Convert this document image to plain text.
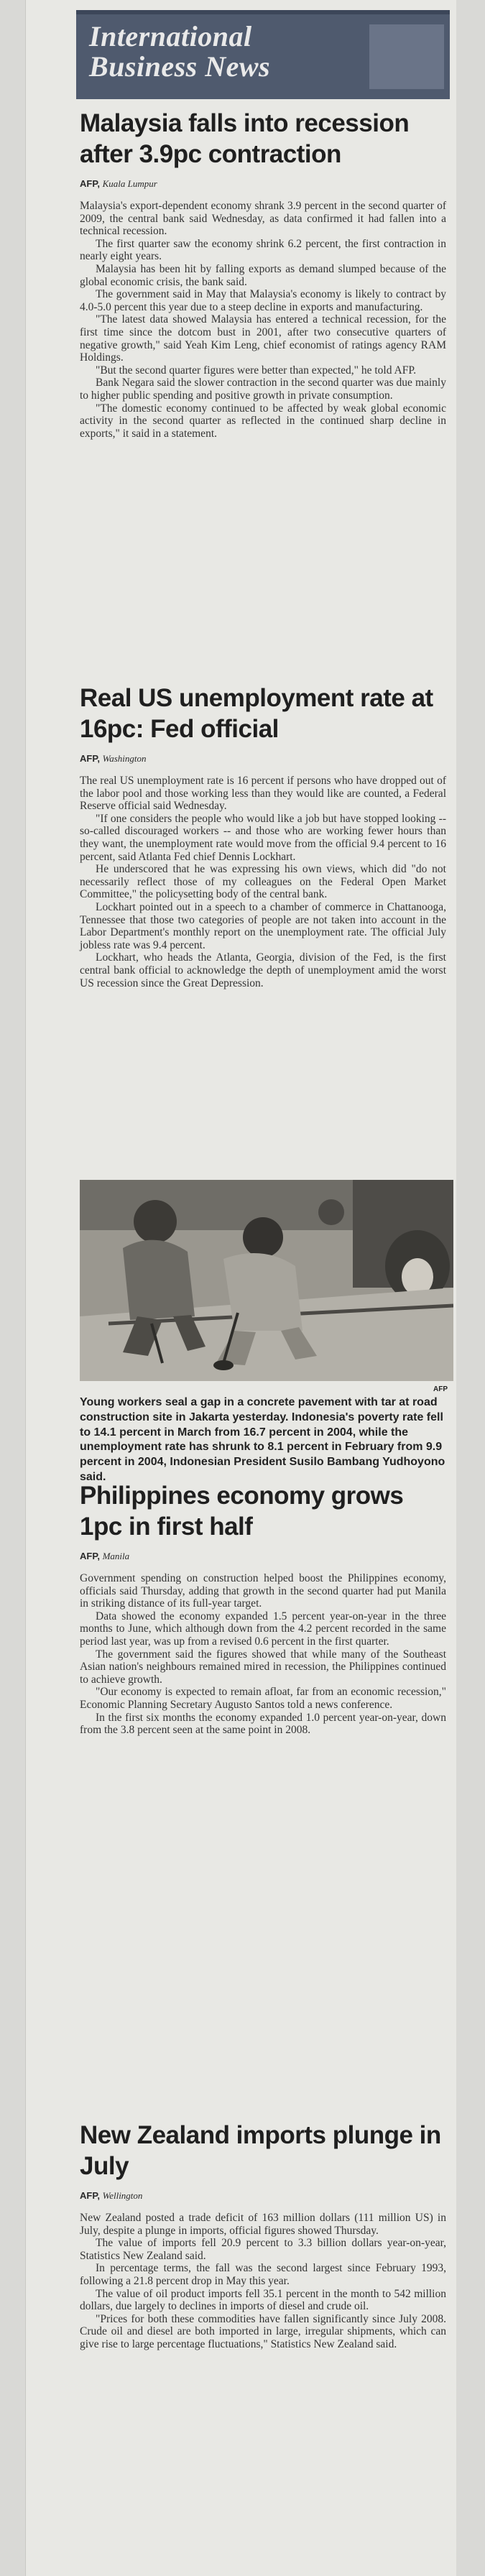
International
Business News
Malaysia falls into recession after 3.9pc contraction
AFP, Kuala Lumpur

Malaysia's export-dependent economy shrank 3.9 percent in the second quarter of 2009, the central bank said Wednesday, as data confirmed it had fallen into a technical recession.

The first quarter saw the economy shrink 6.2 percent, the first contraction in nearly eight years.

Malaysia has been hit by falling exports as demand slumped because of the global economic crisis, the bank said.

The government said in May that Malaysia's economy is likely to contract by 4.0-5.0 percent this year due to a steep decline in exports and manufacturing.

"The latest data showed Malaysia has entered a technical recession, for the first time since the dotcom bust in 2001, after two consecutive quarters of negative growth," said Yeah Kim Leng, chief economist of ratings agency RAM Holdings.

"But the second quarter figures were better than expected," he told AFP.

Bank Negara said the slower contraction in the second quarter was due mainly to higher public spending and positive growth in private consumption.

"The domestic economy continued to be affected by weak global economic activity in the second quarter as reflected in the continued sharp decline in exports," it said in a statement.

Real US unemployment rate at 16pc: Fed official
AFP, Washington

The real US unemployment rate is 16 percent if persons who have dropped out of the labor pool and those working less than they would like are counted, a Federal Reserve official said Wednesday.

"If one considers the people who would like a job but have stopped looking -- so-called discouraged workers -- and those who are working fewer hours than they want, the unemployment rate would move from the official 9.4 percent to 16 percent, said Atlanta Fed chief Dennis Lockhart.

He underscored that he was expressing his own views, which did "do not necessarily reflect those of my colleagues on the Federal Open Market Committee," the policysetting body of the central bank.

Lockhart pointed out in a speech to a chamber of commerce in Chattanooga, Tennessee that those two categories of people are not taken into account in the Labor Department's monthly report on the unemployment rate. The official July jobless rate was 9.4 percent.

Lockhart, who heads the Atlanta, Georgia, division of the Fed, is the first central bank official to acknowledge the depth of unemployment amid the worst US recession since the Great Depression.

AFP
Young workers seal a gap in a concrete pavement with tar at road construction site in Jakarta yesterday. Indonesia's poverty rate fell to 14.1 percent in March from 16.7 percent in 2004, while the unemployment rate has shrunk to 8.1 percent in February from 9.9 percent in 2004, Indonesian President Susilo Bambang Yudhoyono said.
Philippines economy grows 1pc in first half
AFP, Manila

Government spending on construction helped boost the Philippines economy, officials said Thursday, adding that growth in the second quarter had put Manila in striking distance of its full-year target.

Data showed the economy expanded 1.5 percent year-on-year in the three months to June, which although down from the 4.2 percent recorded in the same period last year, was up from a revised 0.6 percent in the first quarter.

The government said the figures showed that while many of the Southeast Asian nation's neighbours remained mired in recession, the Philippines continued to achieve growth.

"Our economy is expected to remain afloat, far from an economic recession," Economic Planning Secretary Augusto Santos told a news conference.

In the first six months the economy expanded 1.0 percent year-on-year, down from the 3.8 percent seen at the same point in 2008.

New Zealand imports plunge in July
AFP, Wellington

New Zealand posted a trade deficit of 163 million dollars (111 million US) in July, despite a plunge in imports, official figures showed Thursday.

The value of imports fell 20.9 percent to 3.3 billion dollars year-on-year, Statistics New Zealand said.

In percentage terms, the fall was the second largest since February 1993, following a 21.8 percent drop in May this year.

The value of oil product imports fell 35.1 percent in the month to 542 million dollars, due largely to declines in imports of diesel and crude oil.

"Prices for both these commodities have fallen significantly since July 2008. Crude oil and diesel are both imported in large, irregular shipments, which can give rise to large percentage fluctuations," Statistics New Zealand said.
